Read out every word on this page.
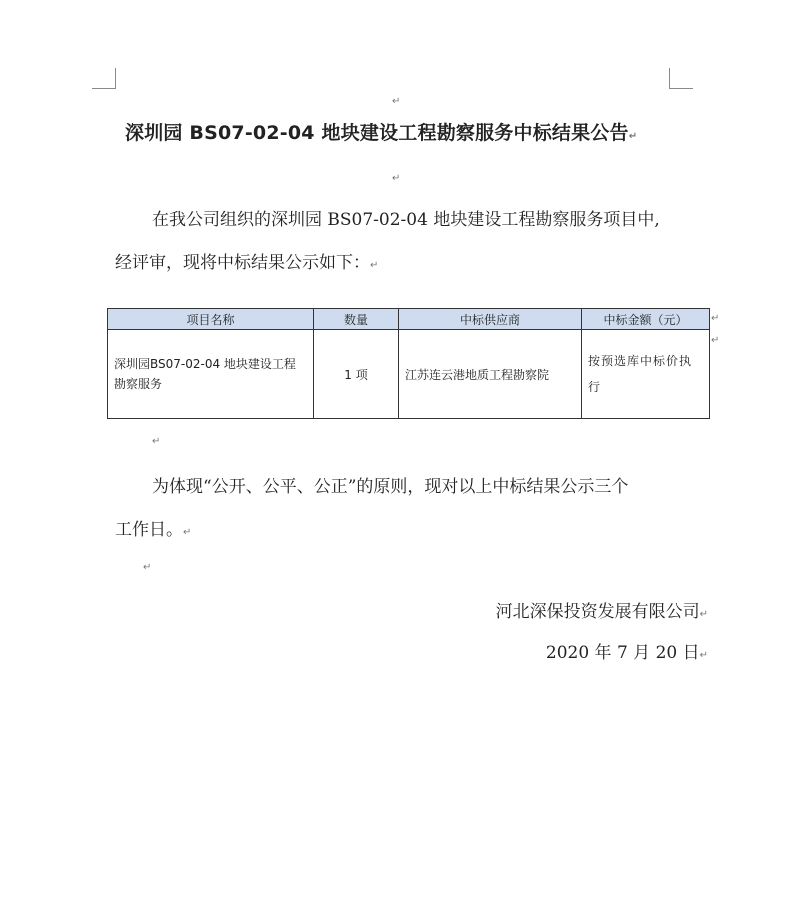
↵
深圳园 BS07-02-04 地块建设工程勘察服务中标结果公告↵
↵
在我公司组织的深圳园 BS07-02-04 地块建设工程勘察服务项目中,
经评审，现将中标结果公示如下：↵
项目名称	数量	中标供应商	中标金额（元）
深圳园BS07-02-04 地块建设工程勘察服务	1 项	江苏连云港地质工程勘察院	按预选库中标价执行
↵
↵
↵
为体现“公开、公平、公正”的原则，现对以上中标结果公示三个
工作日。↵
↵
河北深保投资发展有限公司↵
2020 年 7 月 20 日↵
